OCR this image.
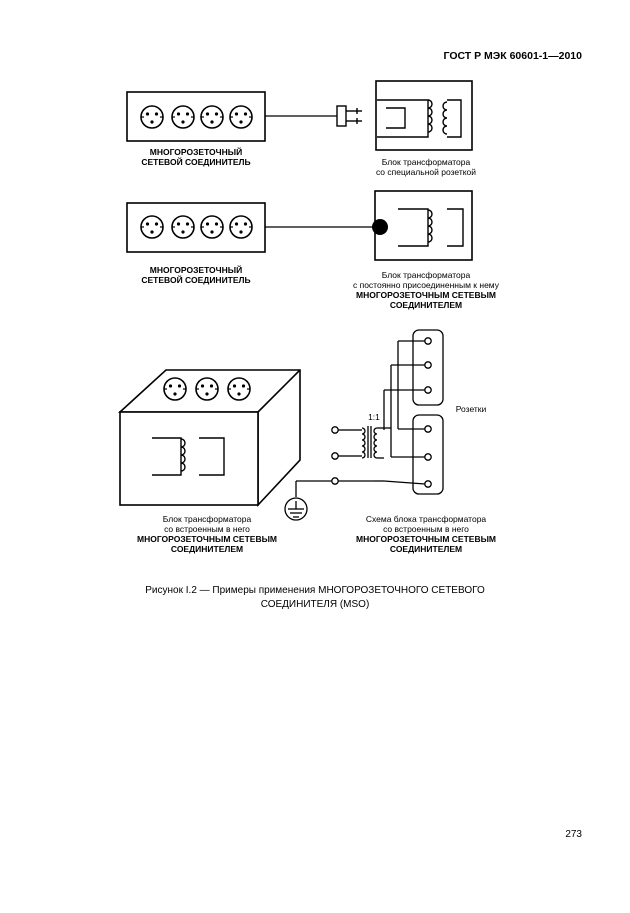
ГОСТ Р МЭК 60601-1—2010
МНОГОРОЗЕТОЧНЫЙ
СЕТЕВОЙ СОЕДИНИТЕЛЬ	Блок трансформатора
со специальной розеткой
МНОГОРОЗЕТОЧНЫЙ
СЕТЕВОЙ СОЕДИНИТЕЛЬ	Блок трансформатора
с постоянно присоединенным к нему
МНОГОРОЗЕТОЧНЫМ СЕТЕВЫМ
СОЕДИНИТЕЛЕМ
1:1
Розетки
Блок трансформатора
со встроенным в него
МНОГОРОЗЕТОЧНЫМ СЕТЕВЫМ
СОЕДИНИТЕЛЕМ
Схема блока трансформатора
со встроенным в него
МНОГОРОЗЕТОЧНЫМ СЕТЕВЫМ
СОЕДИНИТЕЛЕМ
Рисунок I.2 — Примеры применения МНОГОРОЗЕТОЧНОГО СЕТЕВОГО
СОЕДИНИТЕЛЯ (MSO)
273
